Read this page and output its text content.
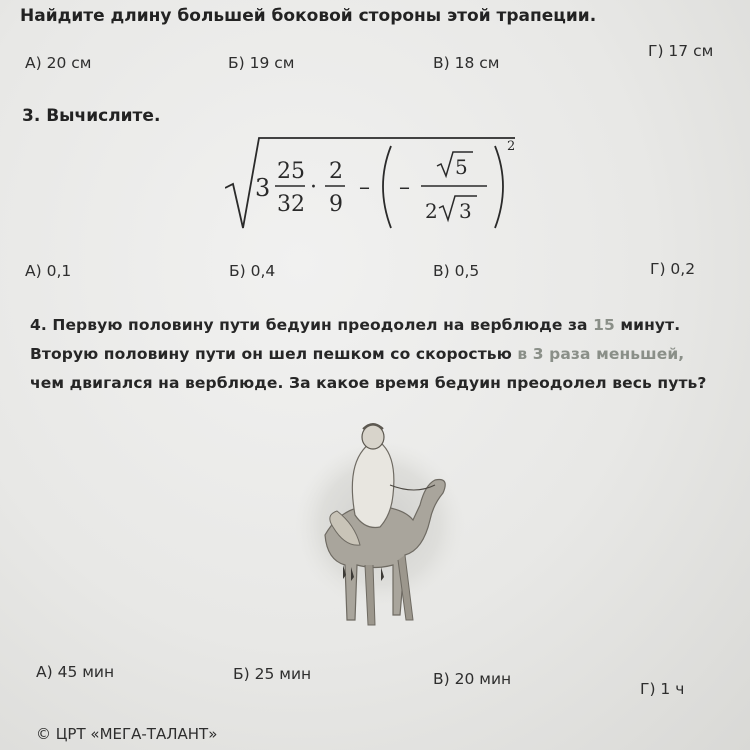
Найдите длину большей боковой стороны этой трапеции.
А) 20 см	Б) 19 см	В) 18 см
Г) 17 см
3. Вычислите.
3
25
32
·
2
9
– –
5
2 3
2
А) 0,1	Б) 0,4	В) 0,5	Г) 0,2
4. Первую половину пути бедуин преодолел на верблюде за 15 минут.
Вторую половину пути он шел пешком со скоростью в 3 раза меньшей,
чем двигался на верблюде. За какое время бедуин преодолел весь путь?
А) 45 мин	Б) 25 мин	В) 20 мин
Г) 1 ч
© ЦРТ «МЕГА-ТАЛАНТ»
